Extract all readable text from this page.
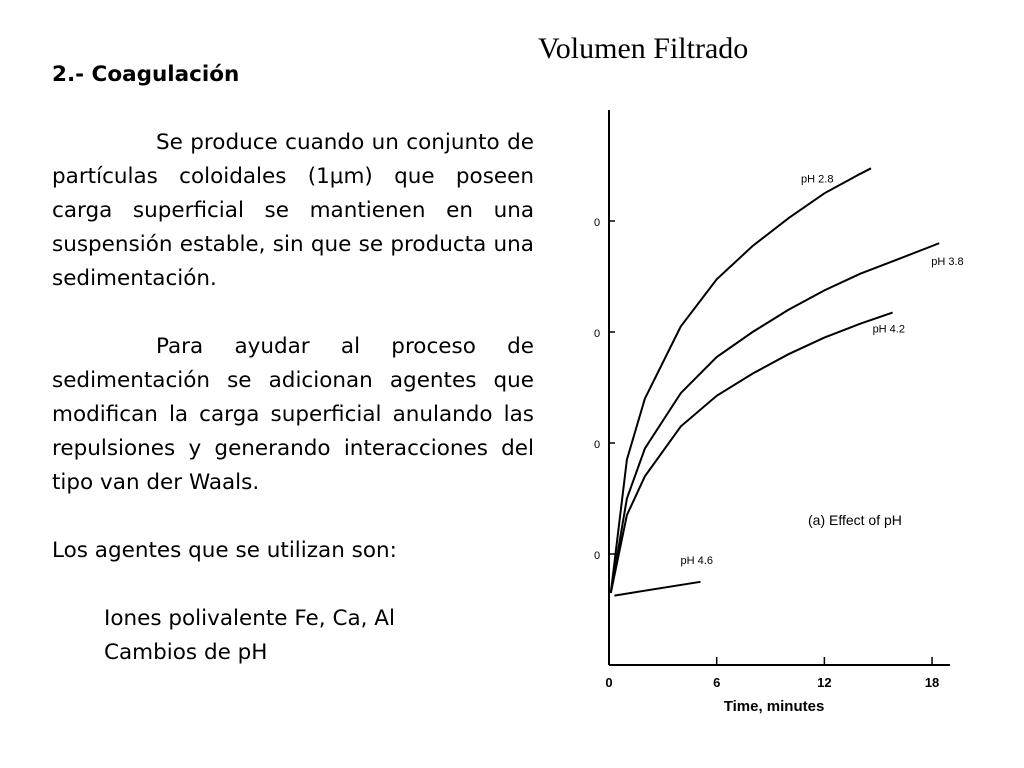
2.- Coagulación
Se produce cuando un conjunto de partículas coloidales (1μm) que poseen carga superficial se mantienen en una suspensión estable, sin que se producta una sedimentación.
Para ayudar al proceso de sedimentación se adicionan agentes que modifican la carga superficial anulando las repulsiones y generando interacciones del tipo van der Waals.
Los agentes que se utilizan son:
Iones polivalente Fe, Ca, Al
Cambios de pH
Volumen Filtrado
0
0
0
0
0	6	12	18
pH 2.8
pH 3.8
pH 4.2
pH 4.6
(a) Effect of pH
Time, minutes
